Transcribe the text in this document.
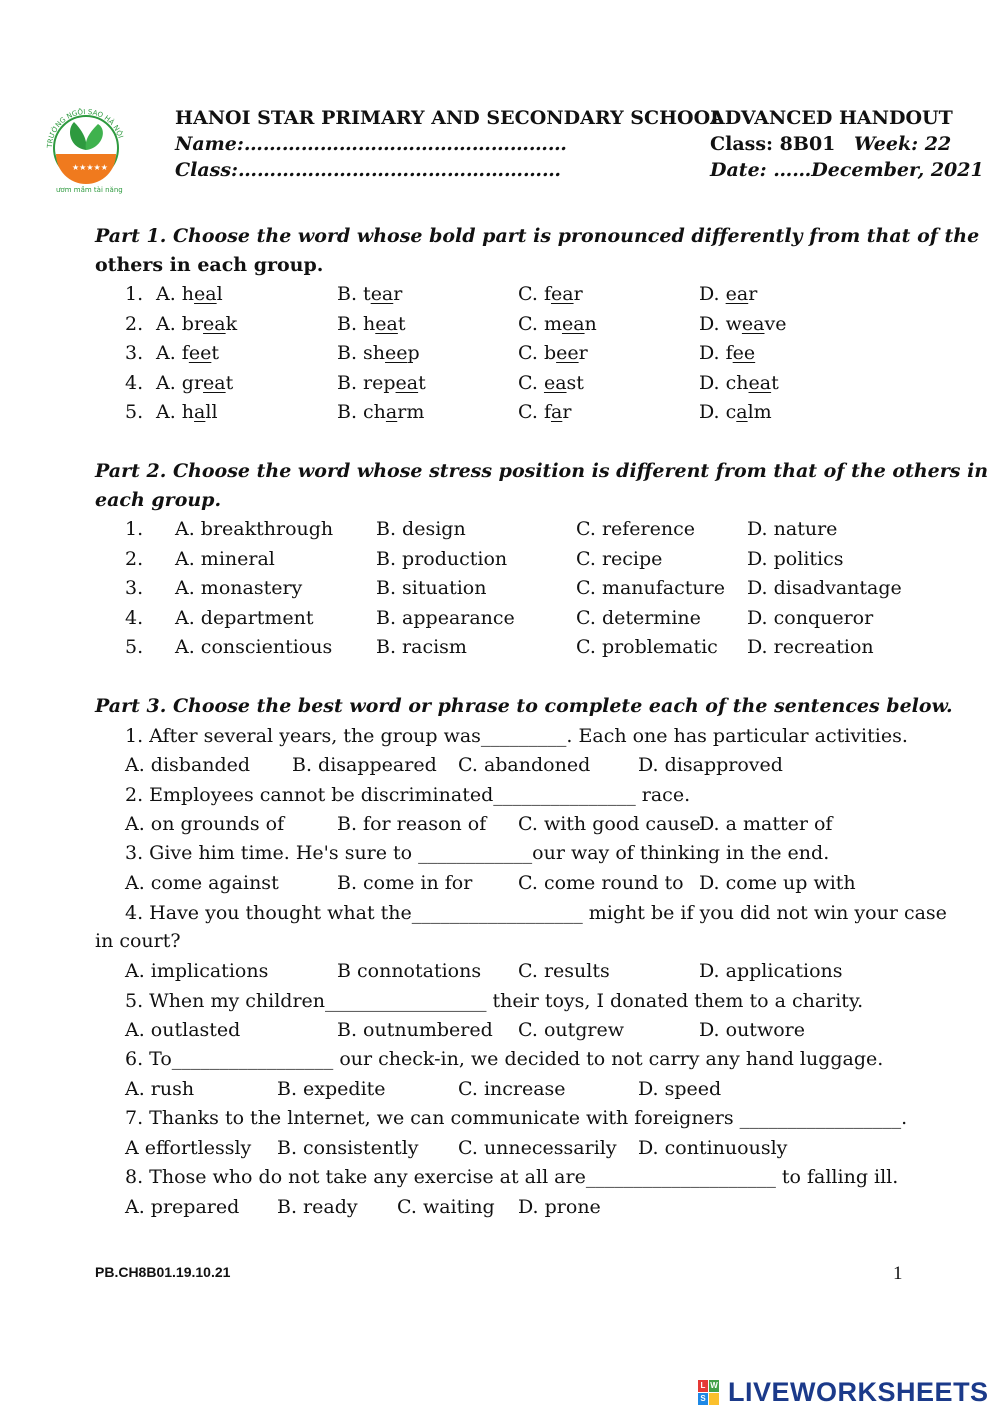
★★★★★
TRƯỜNG NGÔI SAO HÀ NỘI
ươm mầm tài năng
HANOI STAR PRIMARY AND SECONDARY SCHOOL
ADVANCED HANDOUT
Name:……………………………………………	Class: 8B01 Week: 22
Class:……………………………………………	Date: ……December, 2021
Part 1. Choose the word whose bold part is pronounced differently from that of the
others in each group.
1. A. heal	B. tear	C. fear	D. ear
2. A. break	B. heat	C. mean	D. weave
3. A. feet	B. sheep	C. beer	D. fee
4. A. great	B. repeat	C. east	D. cheat
5. A. hall	B. charm	C. far	D. calm
Part 2. Choose the word whose stress position is different from that of the others in
each group.
1. A. breakthrough B. design	C. reference	D. nature
2. A. mineral	B. production	C. recipe	D. politics
3. A. monastery	B. situation	C. manufacture D. disadvantage
4. A. department	B. appearance	C. determine D. conqueror
5. A. conscientious B. racism	C. problematic D. recreation
Part 3. Choose the best word or phrase to complete each of the sentences below.
1. After several years, the group was_________. Each one has particular activities.
A. disbanded B. disappeared C. abandoned	D. disapproved
2. Employees cannot be discriminated_______________ race.
A. on grounds of	B. for reason of C. with good cause
D. a matter of
3. Give him time. He's sure to ____________our way of thinking in the end.
A. come against	B. come in for C. come round to D. come up with
4. Have you thought what the__________________ might be if you did not win your case
in court?
A. implications	B connotations C. results	D. applications
5. When my children_________________ their toys, I donated them to a charity.
A. outlasted	B. outnumbered C. outgrew	D. outwore
6. To_________________ our check-in, we decided to not carry any hand luggage.
A. rush	B. expedite	C. increase	D. speed
7. Thanks to the lnternet, we can communicate with foreigners _________________.
A effortlessly B. consistently C. unnecessarily D. continuously
8. Those who do not take any exercise at all are____________________ to falling ill.
A. prepared B. ready C. waiting D. prone
PB.CH8B01.19.10.21	1
L W
S LIVEWORKSHEETS
